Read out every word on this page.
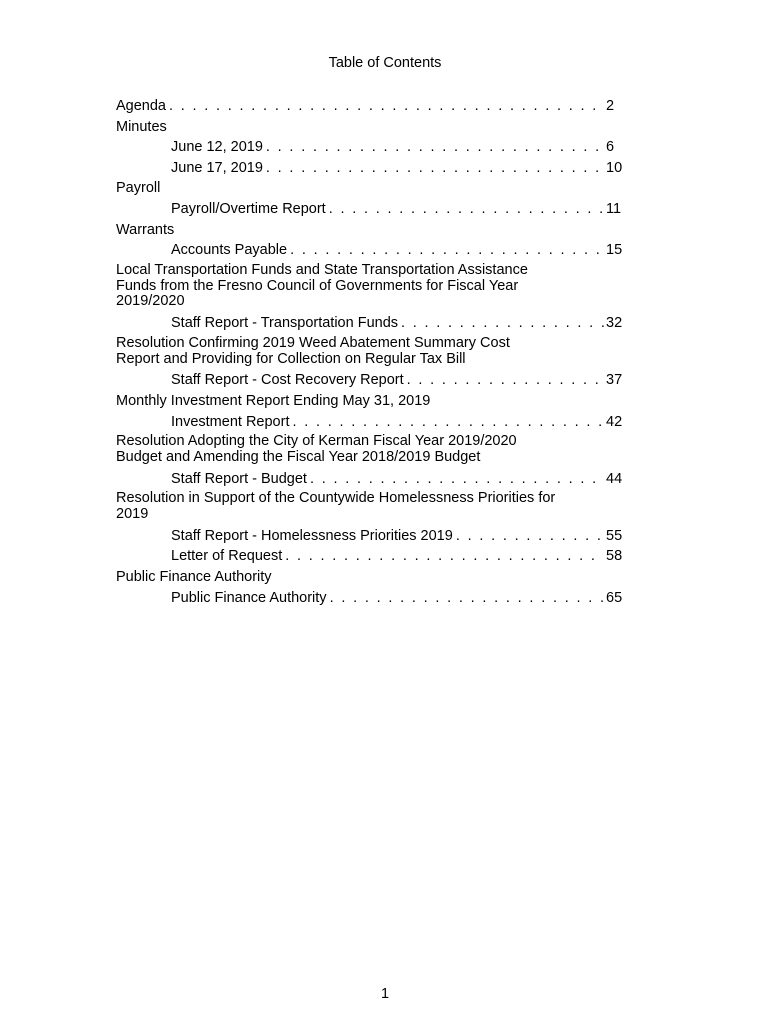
Table of Contents
Agenda . . .	2
Minutes
June 12, 2019 . . .	6
June 17, 2019 . . .	10
Payroll
Payroll/Overtime Report . . .	11
Warrants
Accounts Payable . . .	15
Local Transportation Funds and State Transportation Assistance Funds from the Fresno Council of Governments for Fiscal Year 2019/2020
Staff Report - Transportation Funds . . .	32
Resolution Confirming 2019 Weed Abatement Summary Cost Report and Providing for Collection on Regular Tax Bill
Staff Report - Cost Recovery Report . . .	37
Monthly Investment Report Ending May 31, 2019
Investment Report . . .	42
Resolution Adopting the City of Kerman Fiscal Year 2019/2020 Budget and Amending the Fiscal Year 2018/2019 Budget
Staff Report - Budget . . .	44
Resolution in Support of the Countywide Homelessness Priorities for 2019
Staff Report - Homelessness Priorities 2019 . . .	55
Letter of Request . . .	58
Public Finance Authority
Public Finance Authority . . .	65
1
